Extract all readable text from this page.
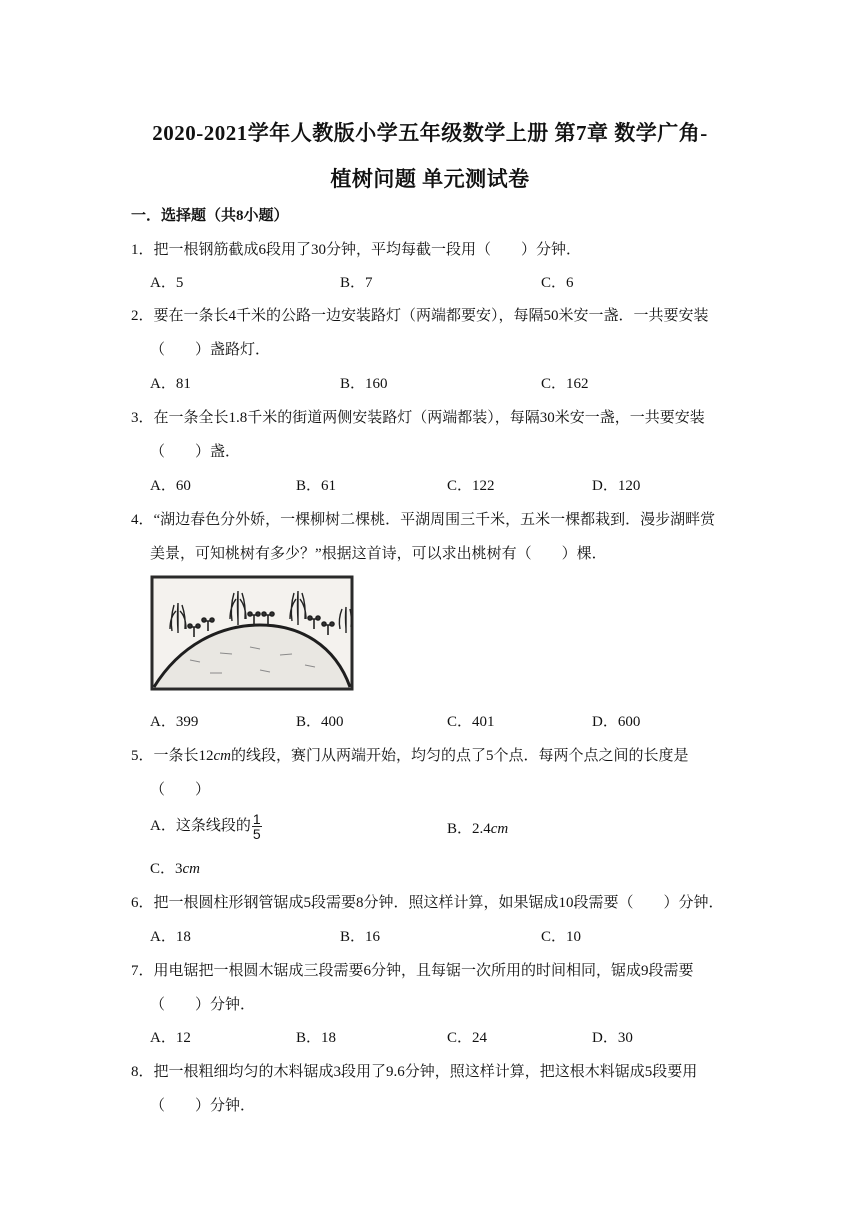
2020-2021学年人教版小学五年级数学上册 第7章 数学广角-
植树问题 单元测试卷
一．选择题（共8小题）
1．把一根钢筋截成6段用了30分钟，平均每截一段用（　　）分钟．
A．5	B．7	C．6
2．要在一条长4千米的公路一边安装路灯（两端都要安），每隔50米安一盏．一共要安装
（　　）盏路灯．
A．81	B．160	C．162
3．在一条全长1.8千米的街道两侧安装路灯（两端都装），每隔30米安一盏，一共要安装
（　　）盏．
A．60	B．61	C．122	D．120
4．“湖边春色分外娇，一棵柳树二棵桃．平湖周围三千米，五米一棵都栽到．漫步湖畔赏
美景，可知桃树有多少？”根据这首诗，可以求出桃树有（　　）棵．
A．399	B．400	C．401	D．600
5．一条长12cm的线段，赛门从两端开始，均匀的点了5个点．每两个点之间的长度是
（　　）
A．这条线段的 $\frac{1}{5}$	B．2.4cm
C．3cm
6．把一根圆柱形钢管锯成5段需要8分钟．照这样计算，如果锯成10段需要（　　）分钟．
A．18	B．16	C．10
7．用电锯把一根圆木锯成三段需要6分钟，且每锯一次所用的时间相同，锯成9段需要
（　　）分钟．
A．12	B．18	C．24	D．30
8．把一根粗细均匀的木料锯成3段用了9.6分钟，照这样计算，把这根木料锯成5段要用
（　　）分钟．
